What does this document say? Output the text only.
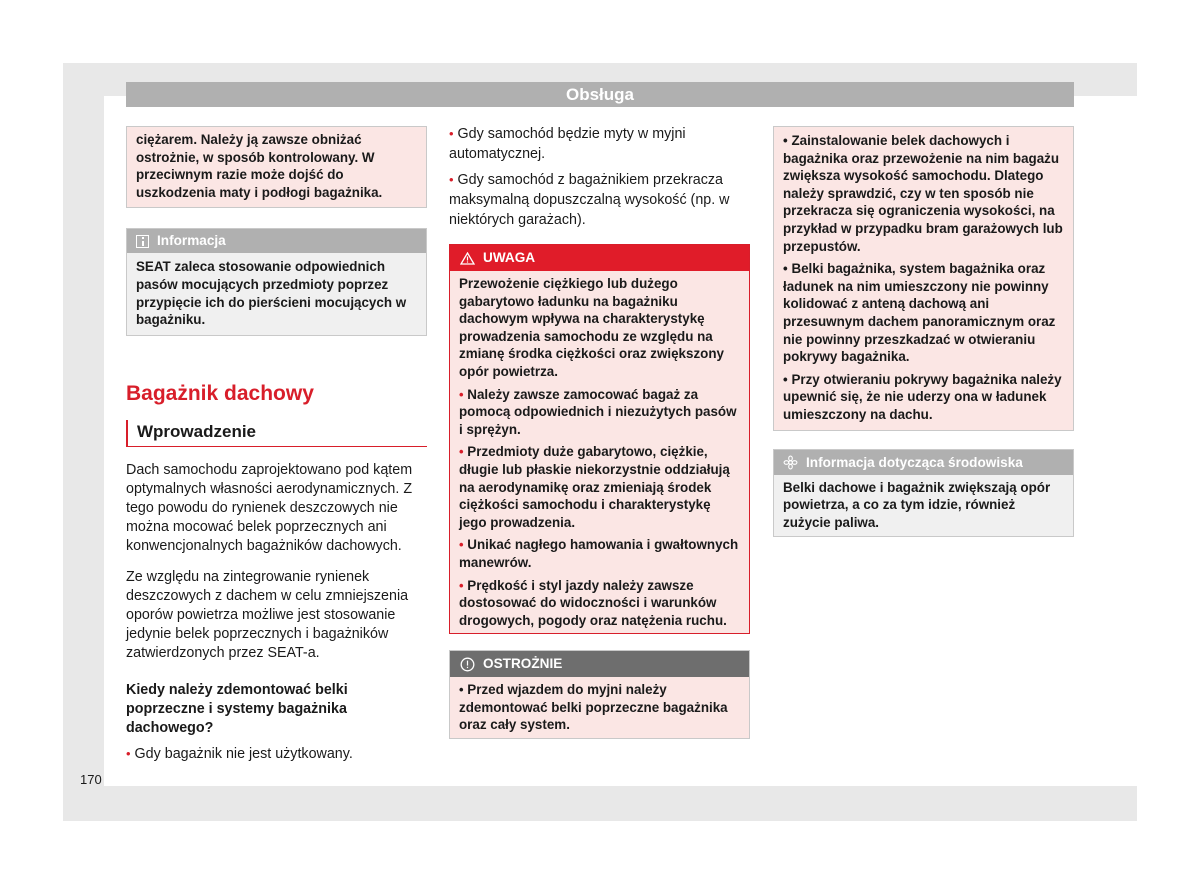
Obsługa
ciężarem. Należy ją zawsze obniżać ostrożnie, w sposób kontrolowany. W przeciwnym razie może dojść do uszkodzenia maty i podłogi bagażnika.
Informacja
SEAT zaleca stosowanie odpowiednich pasów mocujących przedmioty poprzez przypięcie ich do pierścieni mocujących w bagażniku.
Bagażnik dachowy
Wprowadzenie

Dach samochodu zaprojektowano pod kątem optymalnych własności aerodynamicznych. Z tego powodu do rynienek deszczowych nie można mocować belek poprzecznych ani konwencjonalnych bagażników dachowych.

Ze względu na zintegrowanie rynienek deszczowych z dachem w celu zmniejszenia oporów powietrza możliwe jest stosowanie jedynie belek poprzecznych i bagażników zatwierdzonych przez SEAT-a.

Kiedy należy zdemontować belki poprzeczne i systemy bagażnika dachowego?

• Gdy bagażnik nie jest użytkowany.

• Gdy samochód będzie myty w myjni automatycznej.

• Gdy samochód z bagażnikiem przekracza maksymalną dopuszczalną wysokość (np. w niektórych garażach).

UWAGA

Przewożenie ciężkiego lub dużego gabarytowo ładunku na bagażniku dachowym wpływa na charakterystykę prowadzenia samochodu ze względu na zmianę środka ciężkości oraz zwiększony opór powietrza.

• Należy zawsze zamocować bagaż za pomocą odpowiednich i niezużytych pasów i sprężyn.

• Przedmioty duże gabarytowo, ciężkie, długie lub płaskie niekorzystnie oddziałują na aerodynamikę oraz zmieniają środek ciężkości samochodu i charakterystykę jego prowadzenia.

• Unikać nagłego hamowania i gwałtownych manewrów.

• Prędkość i styl jazdy należy zawsze dostosować do widoczności i warunków drogowych, pogody oraz natężenia ruchu.

OSTROŻNIE
• Przed wjazdem do myjni należy zdemontować belki poprzeczne bagażnika oraz cały system.

• Zainstalowanie belek dachowych i bagażnika oraz przewożenie na nim bagażu zwiększa wysokość samochodu. Dlatego należy sprawdzić, czy w ten sposób nie przekracza się ograniczenia wysokości, na przykład w przypadku bram garażowych lub przepustów.

• Belki bagażnika, system bagażnika oraz ładunek na nim umieszczony nie powinny kolidować z anteną dachową ani przesuwnym dachem panoramicznym oraz nie powinny przeszkadzać w otwieraniu pokrywy bagażnika.

• Przy otwieraniu pokrywy bagażnika należy upewnić się, że nie uderzy ona w ładunek umieszczony na dachu.

Informacja dotycząca środowiska
Belki dachowe i bagażnik zwiększają opór powietrza, a co za tym idzie, również zużycie paliwa.
170
